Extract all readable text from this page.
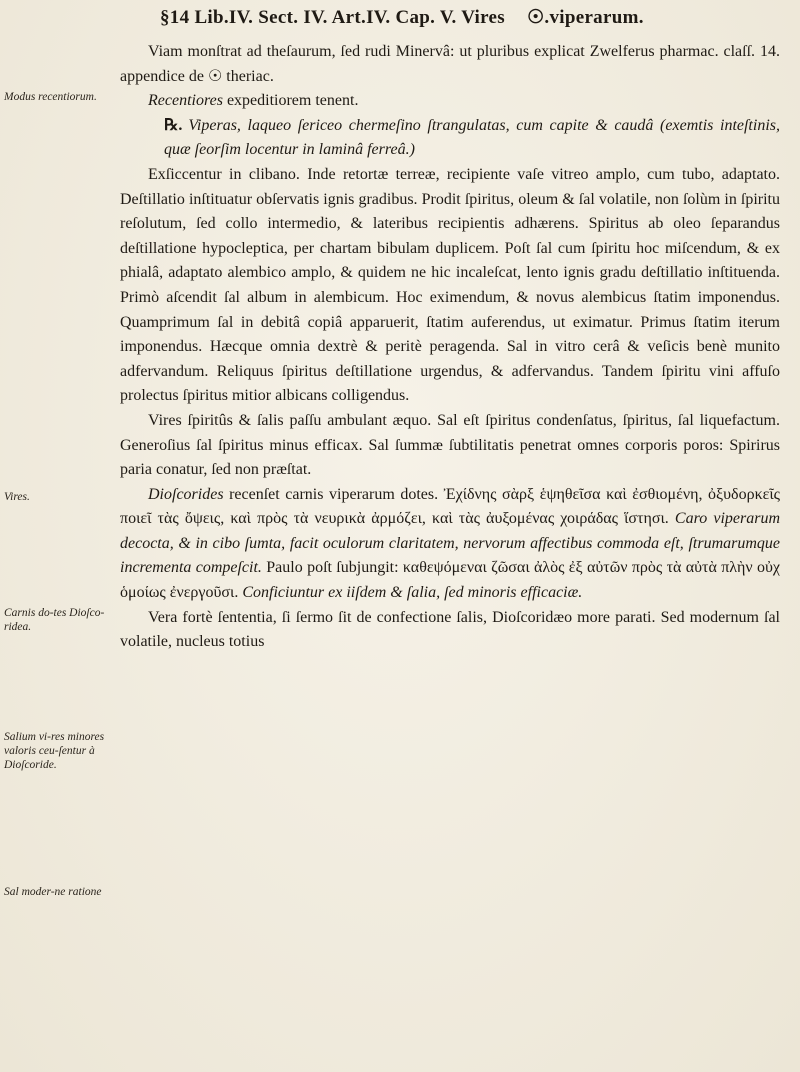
§14 Lib.IV. Sect. IV. Art.IV. Cap. V. Vires ☉.viperarum.
Modus recentiorum.
Vires.
Carnis do-tes Dioſco-ridea.
Salium vi-res minores valoris ceu-ſentur à Dioſcoride.
Sal moder-ne ratione

Viam monſtrat ad theſaurum, ſed rudi Minervâ: ut pluribus explicat Zwelferus pharmac. claſſ. 14. appendice de ☉ theriac.

Recentiores expeditiorem tenent.

℞. Viperas, laqueo ſericeo chermeſino ſtrangulatas, cum capite & caudâ (exemtis inteſtinis, quæ ſeorſim locentur in laminâ ferreâ.)

Exſiccentur in clibano. Inde retortæ terreæ, recipiente vaſe vitreo amplo, cum tubo, adaptato. Deſtillatio inſtituatur obſervatis ignis gradibus. Prodit ſpiritus, oleum & ſal volatile, non ſolùm in ſpiritu reſolutum, ſed collo intermedio, & lateribus recipientis adhærens. Spiritus ab oleo ſeparandus deſtillatione hypocleptica, per chartam bibulam duplicem. Poſt ſal cum ſpiritu hoc miſcendum, & ex phialâ, adaptato alembico amplo, & quidem ne hic incaleſcat, lento ignis gradu deſtillatio inſtituenda. Primò aſcendit ſal album in alembicum. Hoc eximendum, & novus alembicus ſtatim imponendus. Quamprimum ſal in debitâ copiâ apparuerit, ſtatim auferendus, ut eximatur. Primus ſtatim iterum imponendus. Hæcque omnia dextrè & peritè peragenda. Sal in vitro cerâ & veſicis benè munito adfervandum. Reliquus ſpiritus deſtillatione urgendus, & adfervandus. Tandem ſpiritu vini affuſo prolectus ſpiritus mitior albicans colligendus.

Vires ſpiritûs & ſalis paſſu ambulant æquo. Sal eſt ſpiritus condenſatus, ſpiritus, ſal liquefactum. Generoſius ſal ſpiritus minus efficax. Sal ſummæ ſubtilitatis penetrat omnes corporis poros: Spirirus paria conatur, ſed non præſtat.

Dioſcorides recenſet carnis viperarum dotes. Ἐχίδνης σὰρξ ἑψηθεῖσα καὶ ἐσθιομένη, ὀξυδορκεῖς ποιεῖ τὰς ὄψεις, καὶ πρὸς τὰ νευρικὰ ἀρμόζει, καὶ τὰς ἀυξομένας χοιράδας ἵστησι. Caro viperarum decocta, & in cibo ſumta, facit oculorum claritatem, nervorum affectibus commoda eſt, ſtrumarumque incrementa compeſcit. Paulo poſt ſubjungit: καθεψόμεναι ζῶσαι ἀλὸς ἐξ αὐτῶν πρὸς τὰ αὐτὰ πλὴν οὐχ ὁμοίως ἐνεργοῦσι. Conficiuntur ex iiſdem & ſalia, ſed minoris efficaciæ.

Vera fortè ſententia, ſi ſermo ſit de confectione ſalis, Dioſcoridæo more parati. Sed modernum ſal volatile, nucleus totius
